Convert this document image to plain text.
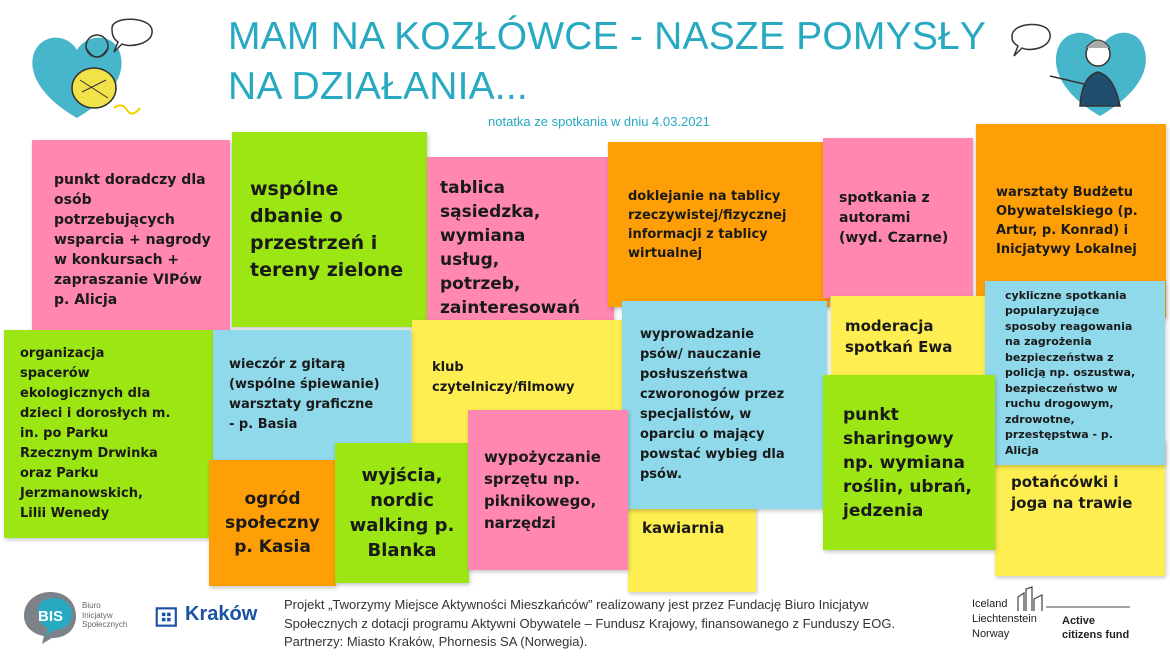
MAM NA KOZŁÓWCE - NASZE POMYSŁY
NA DZIAŁANIA...
notatka ze spotkania w dniu 4.03.2021
punkt doradczy dla
osób
potrzebujących
wsparcia + nagrody
w konkursach +
zapraszanie VIPów
p. Alicja
wspólne
dbanie o
przestrzeń i
tereny zielone
tablica
sąsiedzka,
wymiana
usług,
potrzeb,
zainteresowań
doklejanie na tablicy
rzeczywistej/fizycznej
informacji z tablicy
wirtualnej
spotkania z
autorami
(wyd. Czarne)
warsztaty Budżetu
Obywatelskiego (p.
Artur, p. Konrad) i
Inicjatywy Lokalnej
klub
czytelniczy/filmowy
organizacja
spacerów
ekologicznych dla
dzieci i dorosłych m.
in. po Parku
Rzecznym Drwinka
oraz Parku
Jerzmanowskich,
Lilii Wenedy
wieczór z gitarą
(wspólne śpiewanie)
warsztaty graficzne
- p. Basia
kawiarnia
wyprowadzanie
psów/ nauczanie
posłuszeństwa
czworonogów przez
specjalistów, w
oparciu o mający
powstać wybieg dla
psów.
moderacja
spotkań Ewa
potańcówki i
joga na trawie
cykliczne spotkania
popularyzujące
sposoby reagowania
na zagrożenia
bezpieczeństwa z
policją np. oszustwa,
bezpieczeństwo w
ruchu drogowym,
zdrowotne,
przestępstwa - p.
Alicja
punkt
sharingowy
np. wymiana
roślin, ubrań,
jedzenia
ogród
społeczny
p. Kasia
wyjścia,
nordic
walking p.
Blanka
wypożyczanie
sprzętu np.
piknikowego,
narzędzi
BIS
Biuro
Inicjatyw
Społecznych	Kraków Projekt „Tworzymy Miejsce Aktywności Mieszkańców” realizowany jest przez Fundację Biuro Inicjatyw
Społecznych z dotacji programu Aktywni Obywatele – Fundusz Krajowy, finansowanego z Funduszy EOG.
Partnerzy: Miasto Kraków, Phornesis SA (Norwegia).
Iceland
Liechtenstein
Norway
Active
citizens fund
